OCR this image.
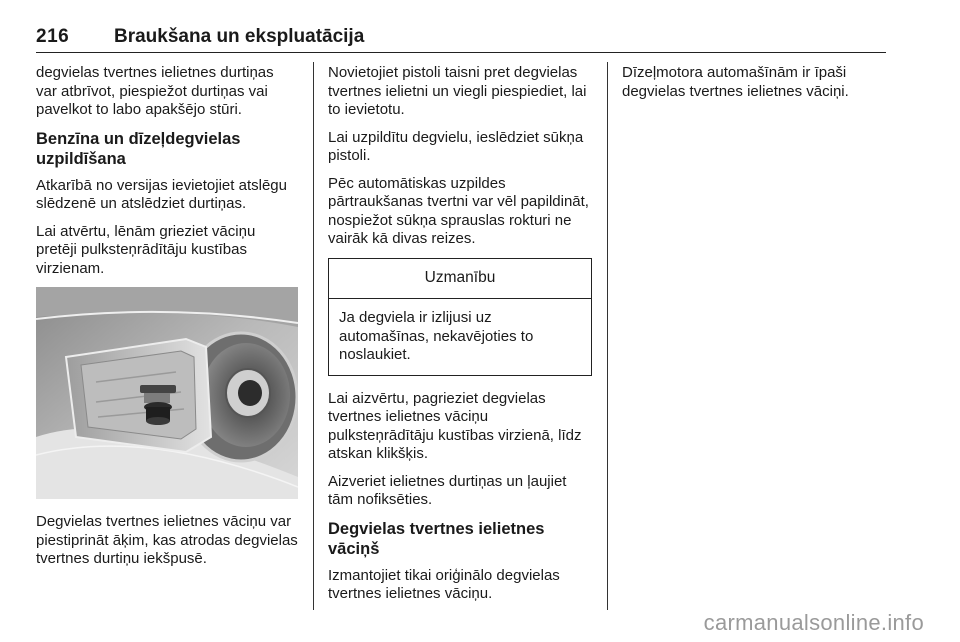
216 Braukšana un ekspluatācija

degvielas tvertnes ielietnes durtiņas var atbrīvot, piespiežot durtiņas vai pavelkot to labo apakšējo stūri.

Benzīna un dīzeļdegvielas uzpildīšana

Atkarībā no versijas ievietojiet atslēgu slēdzenē un atslēdziet durtiņas.

Lai atvērtu, lēnām grieziet vāciņu pretēji pulksteņrādītāju kustības virzienam.

Degvielas tvertnes ielietnes vāciņu var piestiprināt āķim, kas atrodas degvielas tvertnes durtiņu iekšpusē.

Novietojiet pistoli taisni pret degvielas tvertnes ielietni un viegli piespiediet, lai to ievietotu.

Lai uzpildītu degvielu, ieslēdziet sūkņa pistoli.

Pēc automātiskas uzpildes pārtraukšanas tvertni var vēl papildināt, nospiežot sūkņa sprauslas rokturi ne vairāk kā divas reizes.

Uzmanību
Ja degviela ir izlijusi uz automašīnas, nekavējoties to noslaukiet.

Lai aizvērtu, pagrieziet degvielas tvertnes ielietnes vāciņu pulksteņrādītāju kustības virzienā, līdz atskan klikšķis.

Aizveriet ielietnes durtiņas un ļaujiet tām nofiksēties.

Degvielas tvertnes ielietnes vāciņš

Izmantojiet tikai oriģinālo degvielas tvertnes ielietnes vāciņu.

Dīzeļmotora automašīnām ir īpaši degvielas tvertnes ielietnes vāciņi.

carmanualsonline.info
